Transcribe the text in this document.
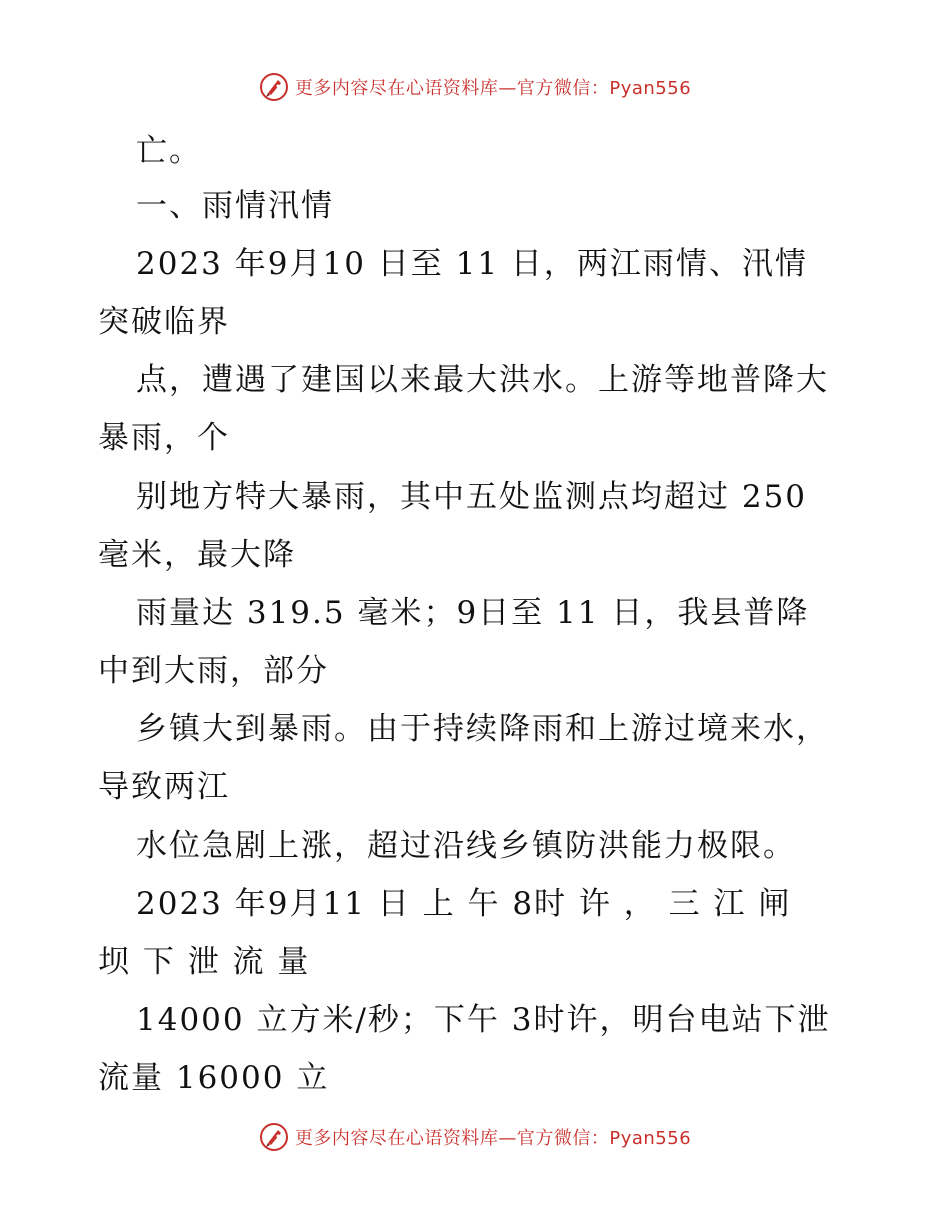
更多内容尽在心语资料库—官方微信：Pyan556
亡。
一、雨情汛情
2023 年9月10 日至 11 日，两江雨情、汛情
突破临界
点，遭遇了建国以来最大洪水。上游等地普降大
暴雨，个
别地方特大暴雨，其中五处监测点均超过 250
毫米，最大降
雨量达 319.5 毫米；9日至 11 日，我县普降
中到大雨，部分
乡镇大到暴雨。由于持续降雨和上游过境来水，
导致两江
水位急剧上涨，超过沿线乡镇防洪能力极限。
2023 年9月11 日 上 午 8时 许 ， 三 江 闸
坝 下 泄 流 量
14000 立方米/秒；下午 3时许，明台电站下泄
流量 16000 立
更多内容尽在心语资料库—官方微信：Pyan556
